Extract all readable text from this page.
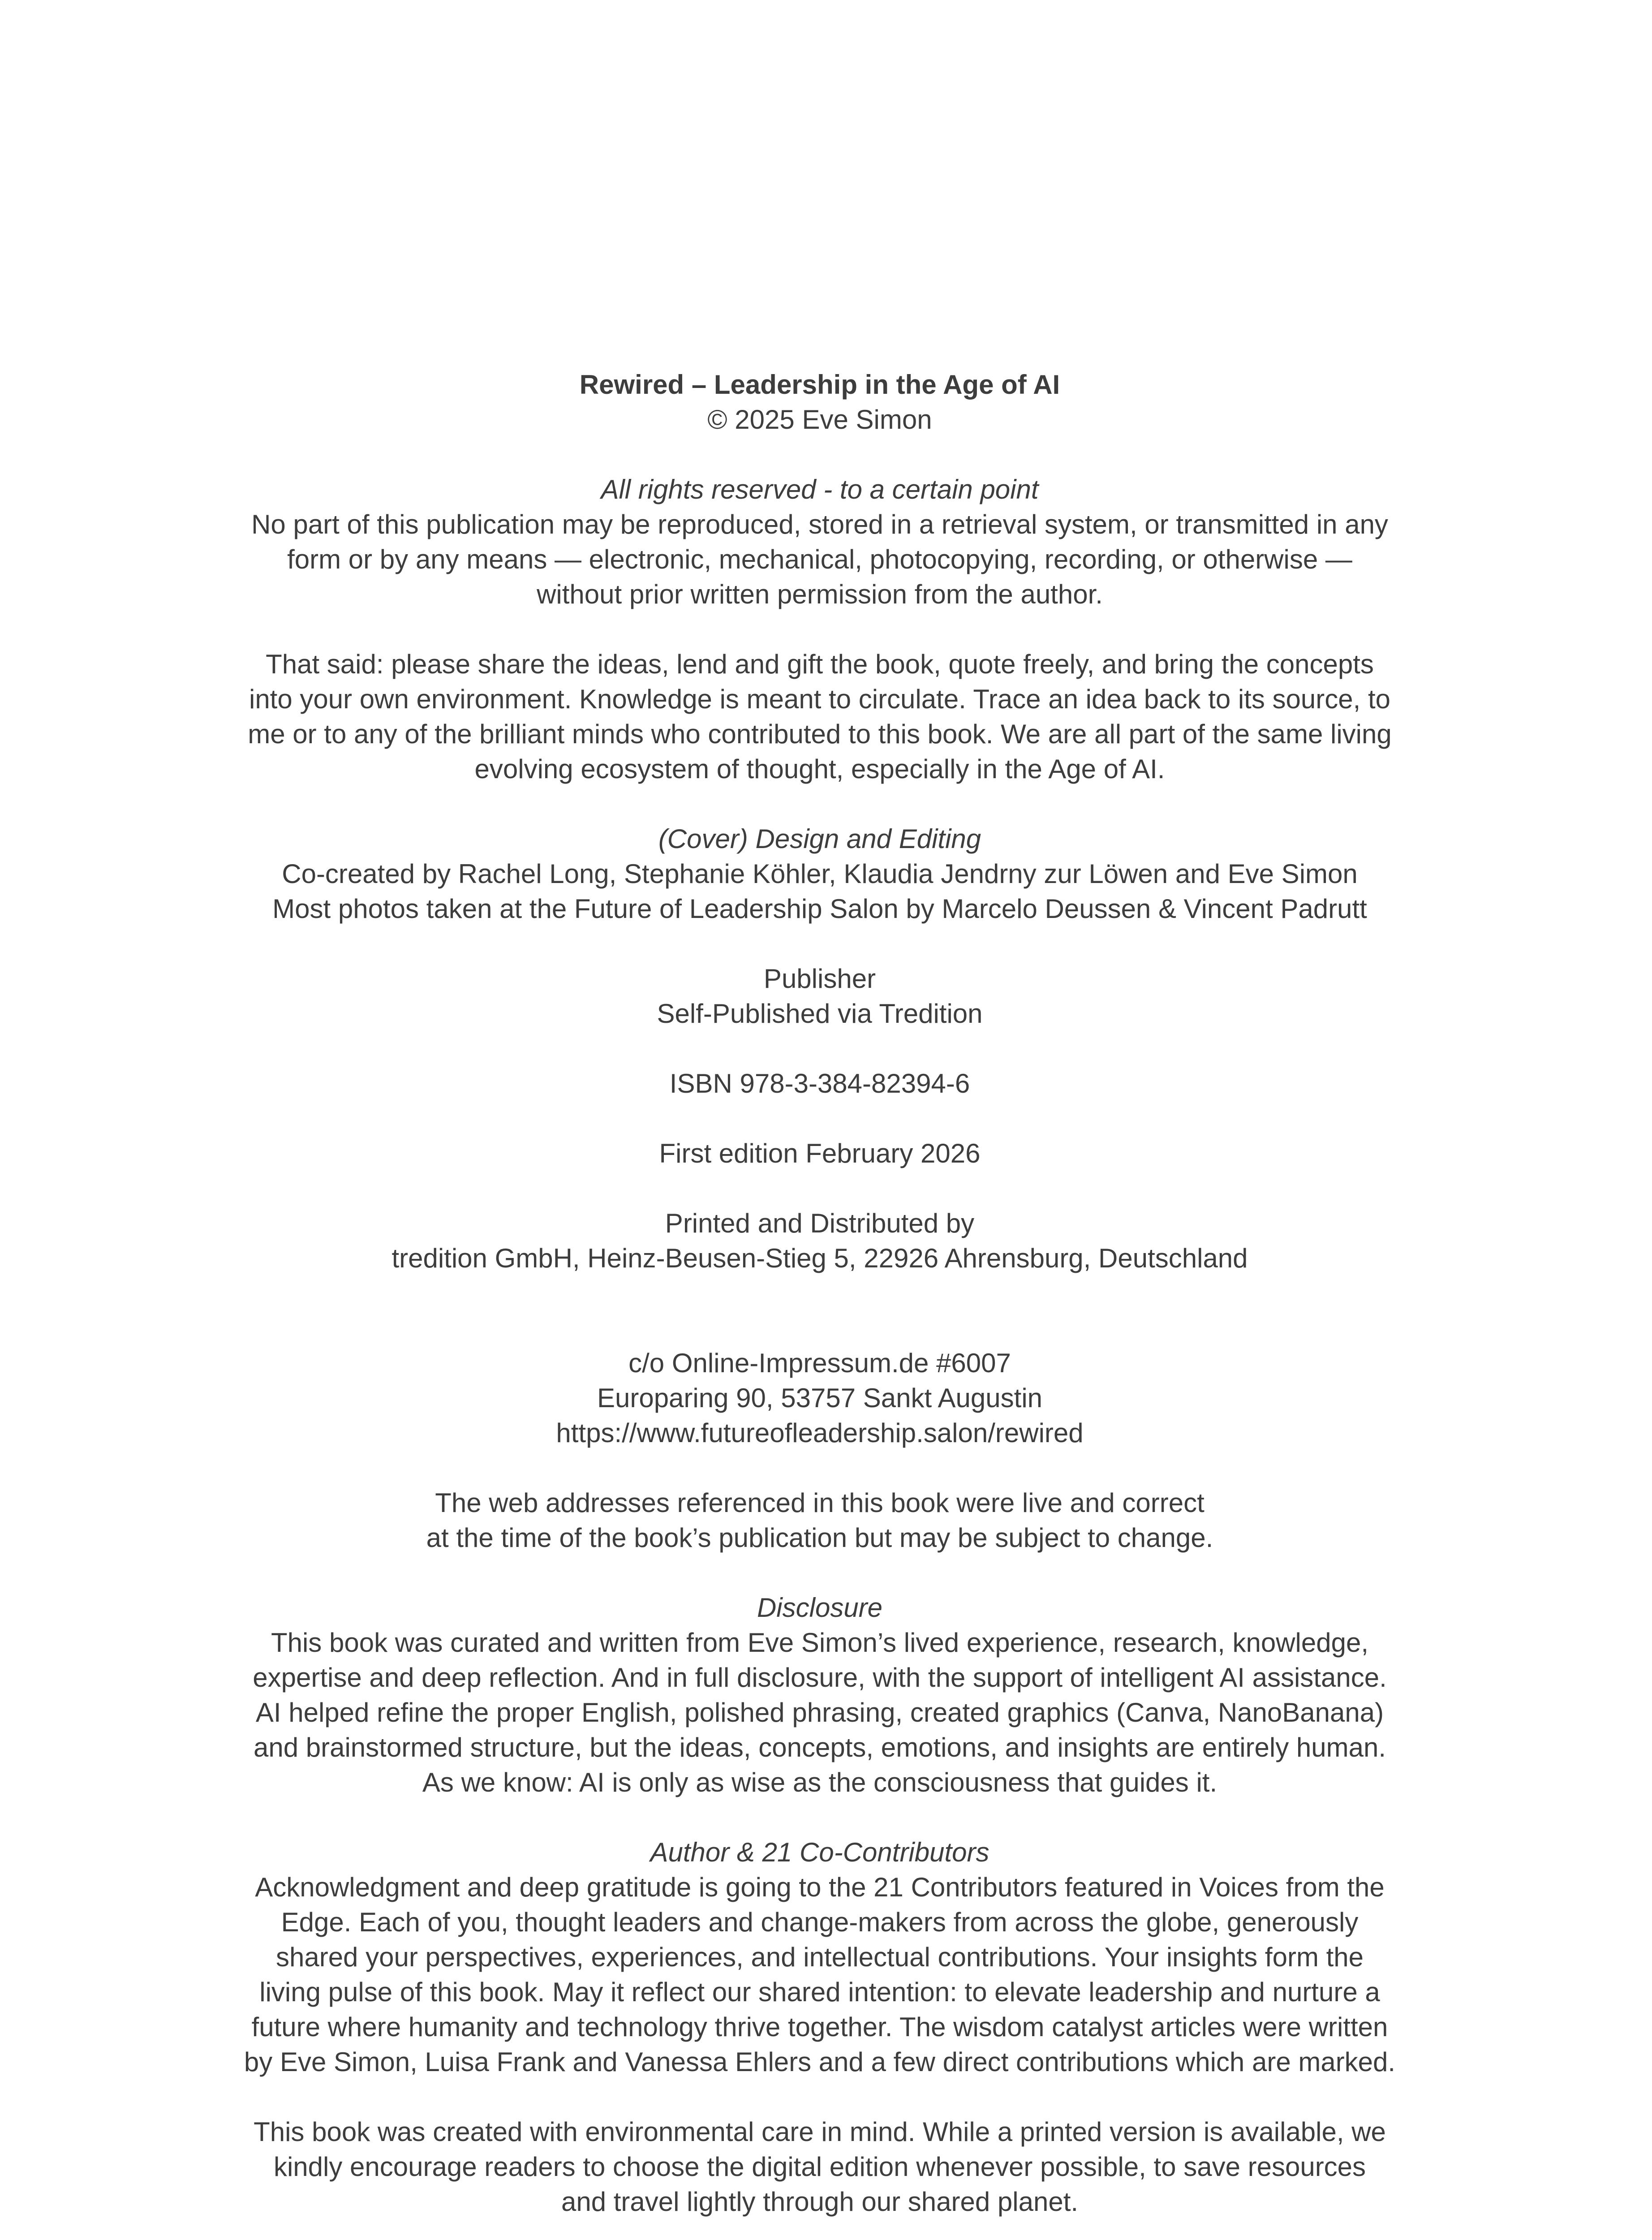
Rewired – Leadership in the Age of AI
© 2025 Eve Simon
All rights reserved - to a certain point
No part of this publication may be reproduced, stored in a retrieval system, or transmitted in any form or by any means — electronic, mechanical, photocopying, recording, or otherwise — without prior written permission from the author.
That said: please share the ideas, lend and gift the book, quote freely, and bring the concepts into your own environment. Knowledge is meant to circulate. Trace an idea back to its source, to me or to any of the brilliant minds who contributed to this book. We are all part of the same living evolving ecosystem of thought, especially in the Age of AI.
(Cover) Design and Editing
Co-created by Rachel Long, Stephanie Köhler, Klaudia Jendrny zur Löwen and Eve Simon
Most photos taken at the Future of Leadership Salon by Marcelo Deussen & Vincent Padrutt
Publisher
Self-Published via Tredition
ISBN 978-3-384-82394-6
First edition February 2026
Printed and Distributed by
tredition GmbH, Heinz-Beusen-Stieg 5, 22926 Ahrensburg, Deutschland
c/o Online-Impressum.de #6007
Europaring 90, 53757 Sankt Augustin
https://www.futureofleadership.salon/rewired
The web addresses referenced in this book were live and correct
at the time of the book’s publication but may be subject to change.
Disclosure
This book was curated and written from Eve Simon’s lived experience, research, knowledge, expertise and deep reflection. And in full disclosure, with the support of intelligent AI assistance. AI helped refine the proper English, polished phrasing, created graphics (Canva, NanoBanana) and brainstormed structure, but the ideas, concepts, emotions, and insights are entirely human. As we know: AI is only as wise as the consciousness that guides it.
Author & 21 Co-Contributors
Acknowledgment and deep gratitude is going to the 21 Contributors featured in Voices from the Edge. Each of you, thought leaders and change-makers from across the globe, generously shared your perspectives, experiences, and intellectual contributions. Your insights form the living pulse of this book. May it reflect our shared intention: to elevate leadership and nurture a future where humanity and technology thrive together. The wisdom catalyst articles were written by Eve Simon, Luisa Frank and Vanessa Ehlers and a few direct contributions which are marked.
This book was created with environmental care in mind. While a printed version is available, we kindly encourage readers to choose the digital edition whenever possible, to save resources and travel lightly through our shared planet.
